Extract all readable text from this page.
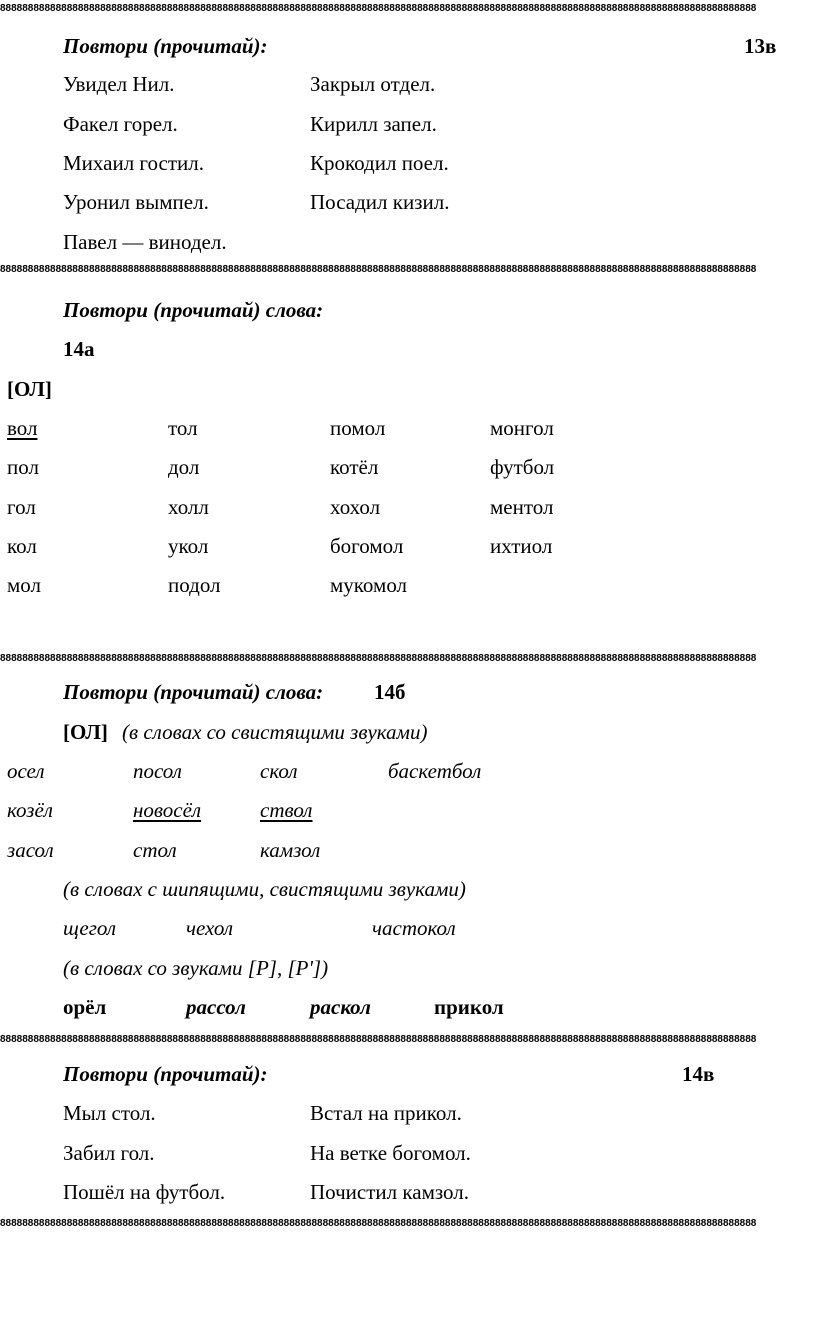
8888888888888888888888888888888888888888888888888888888888888888888888888888888888888888888888888888888888888888888888888888888888888888
8888888888888888888888888888888888888888888888888888888888888888888888888888888888888888888888888888888888888888888888888888888888888888
8888888888888888888888888888888888888888888888888888888888888888888888888888888888888888888888888888888888888888888888888888888888888888
8888888888888888888888888888888888888888888888888888888888888888888888888888888888888888888888888888888888888888888888888888888888888888
8888888888888888888888888888888888888888888888888888888888888888888888888888888888888888888888888888888888888888888888888888888888888888
Повтори (прочитай):	13в
Увидел Нил.	Закрыл отдел.
Факел горел.	Кирилл запел.
Михаил гостил.	Крокодил поел.
Уронил вымпел.	Посадил кизил.
Павел — винодел.
Повтори (прочитай) слова:
14а
[ОЛ]
вол	тол	помол	монгол
пол	дол	котёл	футбол
гол	холл	хохол	ментол
кол	укол	богомол	ихтиол
мол	подол	мукомол
Повтори (прочитай) слова: 14б
[ОЛ] (в словах со свистящими звуками)
осел	посол	скол	баскетбол
козёл	новосёл	ствол
засол	стол	камзол
(в словах с шипящими, свистящими звуками)
щегол	чехол	частокол
(в словах со звуками [Р], [Р'])
орёл	рассол	раскол	прикол
Повтори (прочитай):	14в
Мыл стол.	Встал на прикол.
Забил гол.	На ветке богомол.
Пошёл на футбол.	Почистил камзол.
